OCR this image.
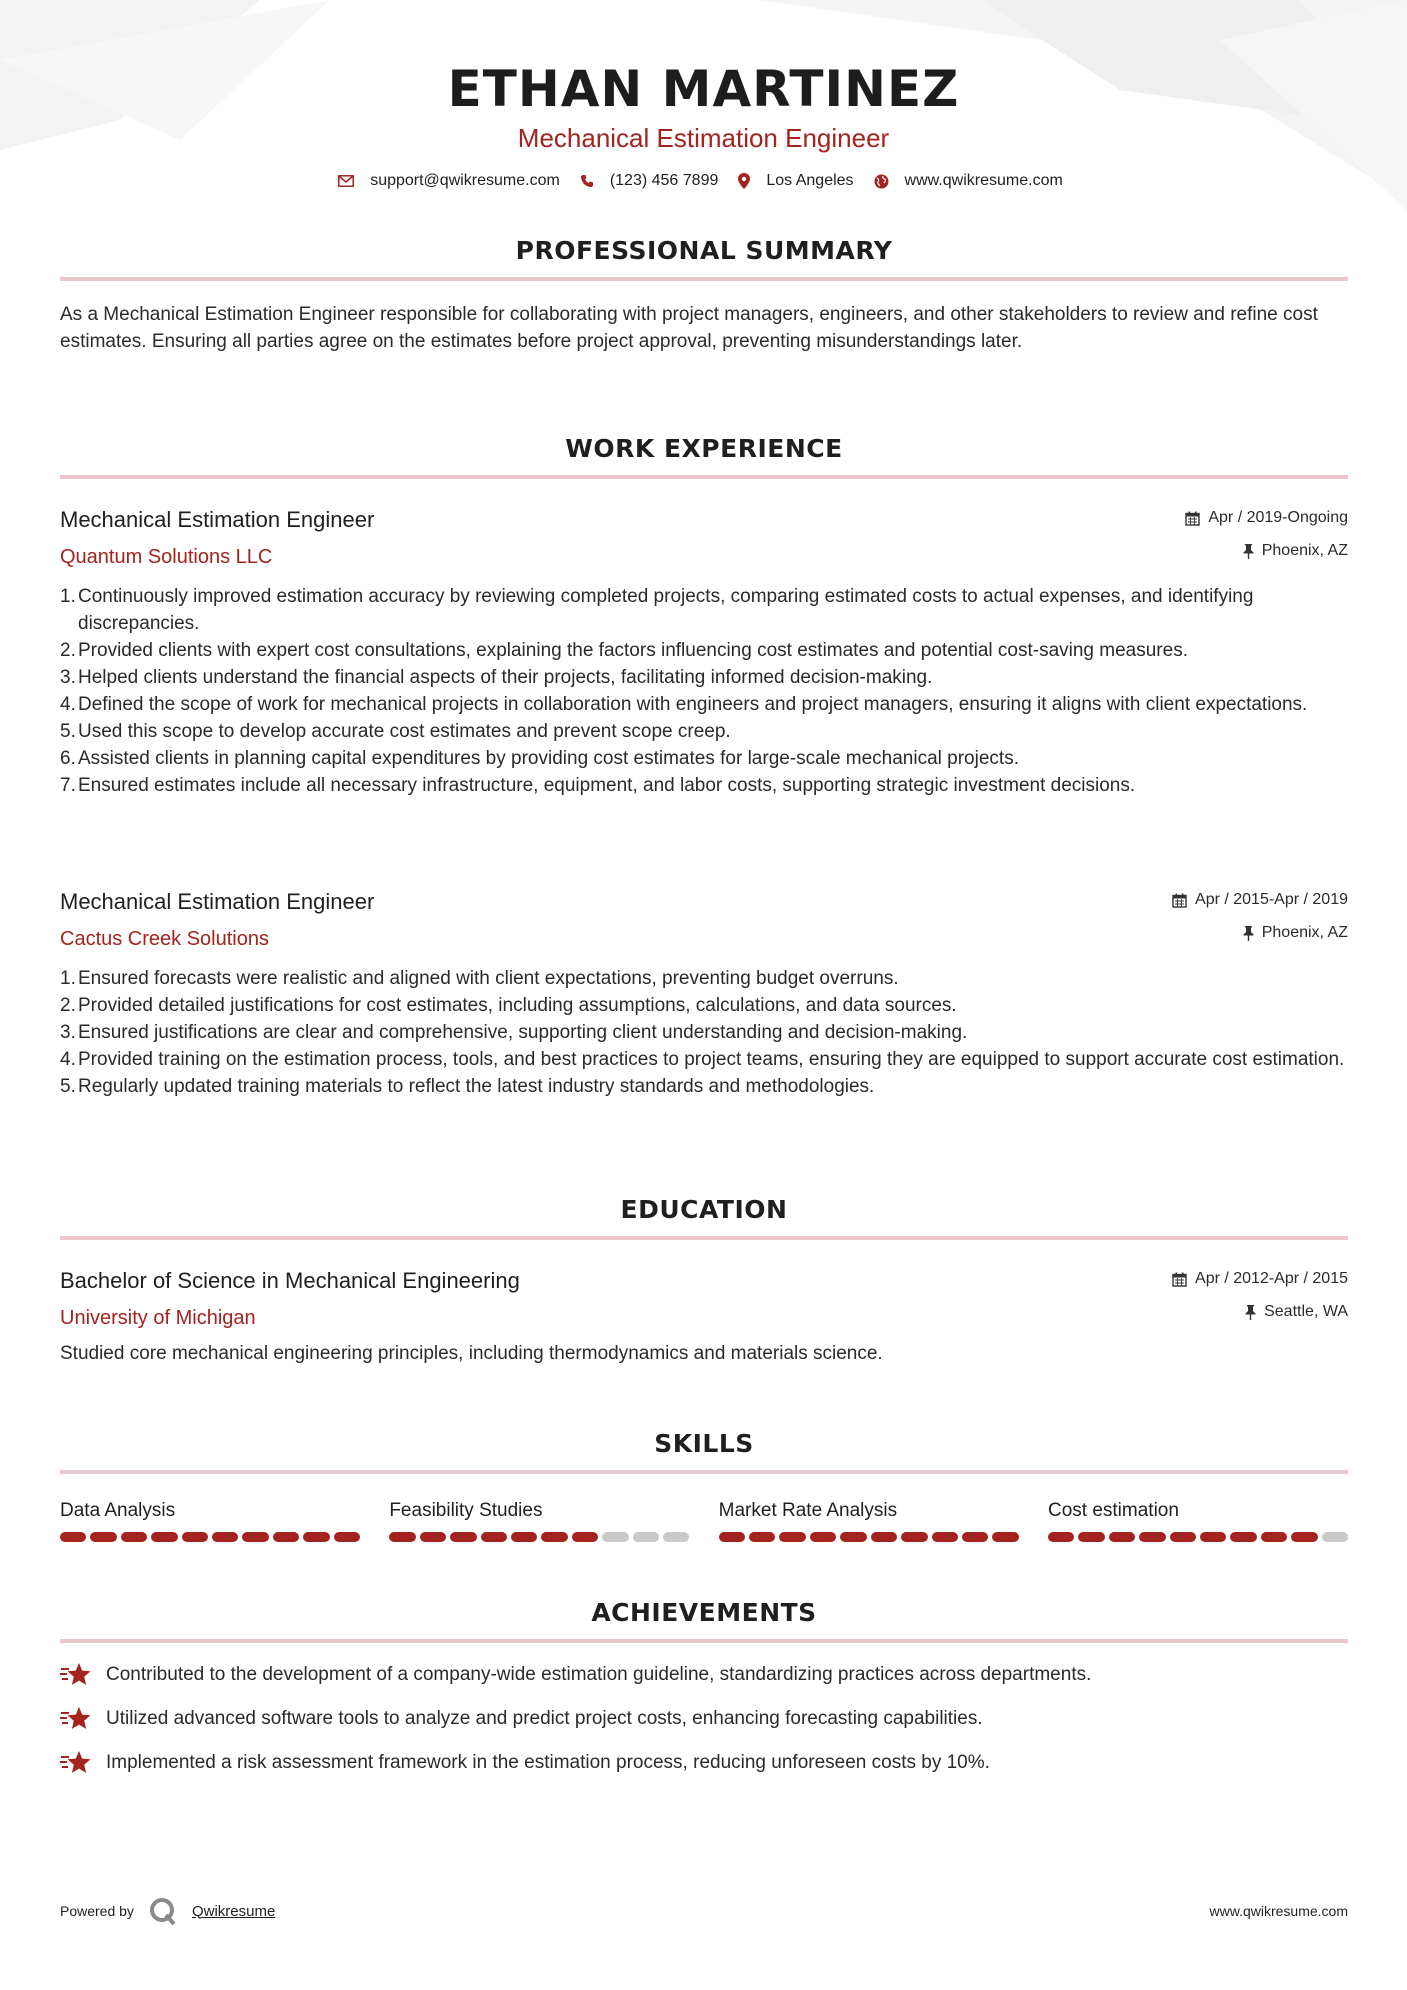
ETHAN MARTINEZ
Mechanical Estimation Engineer
support@qwikresume.com	(123) 456 7899	Los Angeles	www.qwikresume.com
PROFESSIONAL SUMMARY

As a Mechanical Estimation Engineer responsible for collaborating with project managers, engineers, and other stakeholders to review and refine cost estimates. Ensuring all parties agree on the estimates before project approval, preventing misunderstandings later.

WORK EXPERIENCE
Mechanical Estimation Engineer
Quantum Solutions LLC
Apr / 2019-Ongoing
Phoenix, AZ
1. Continuously improved estimation accuracy by reviewing completed projects, comparing estimated costs to actual expenses, and identifying discrepancies.
2. Provided clients with expert cost consultations, explaining the factors influencing cost estimates and potential cost-saving measures.
3. Helped clients understand the financial aspects of their projects, facilitating informed decision-making.
4. Defined the scope of work for mechanical projects in collaboration with engineers and project managers, ensuring it aligns with client expectations.
5. Used this scope to develop accurate cost estimates and prevent scope creep.
6. Assisted clients in planning capital expenditures by providing cost estimates for large-scale mechanical projects.
7. Ensured estimates include all necessary infrastructure, equipment, and labor costs, supporting strategic investment decisions.
Mechanical Estimation Engineer
Cactus Creek Solutions
Apr / 2015-Apr / 2019
Phoenix, AZ
1. Ensured forecasts were realistic and aligned with client expectations, preventing budget overruns.
2. Provided detailed justifications for cost estimates, including assumptions, calculations, and data sources.
3. Ensured justifications are clear and comprehensive, supporting client understanding and decision-making.
4. Provided training on the estimation process, tools, and best practices to project teams, ensuring they are equipped to support accurate cost estimation.
5. Regularly updated training materials to reflect the latest industry standards and methodologies.
EDUCATION
Bachelor of Science in Mechanical Engineering
University of Michigan
Apr / 2012-Apr / 2015
Seattle, WA

Studied core mechanical engineering principles, including thermodynamics and materials science.

SKILLS
Data Analysis	Feasibility Studies	Market Rate Analysis	Cost estimation
ACHIEVEMENTS
Contributed to the development of a company-wide estimation guideline, standardizing practices across departments.
Utilized advanced software tools to analyze and predict project costs, enhancing forecasting capabilities.
Implemented a risk assessment framework in the estimation process, reducing unforeseen costs by 10%.
Powered by	Qwikresume	www.qwikresume.com
